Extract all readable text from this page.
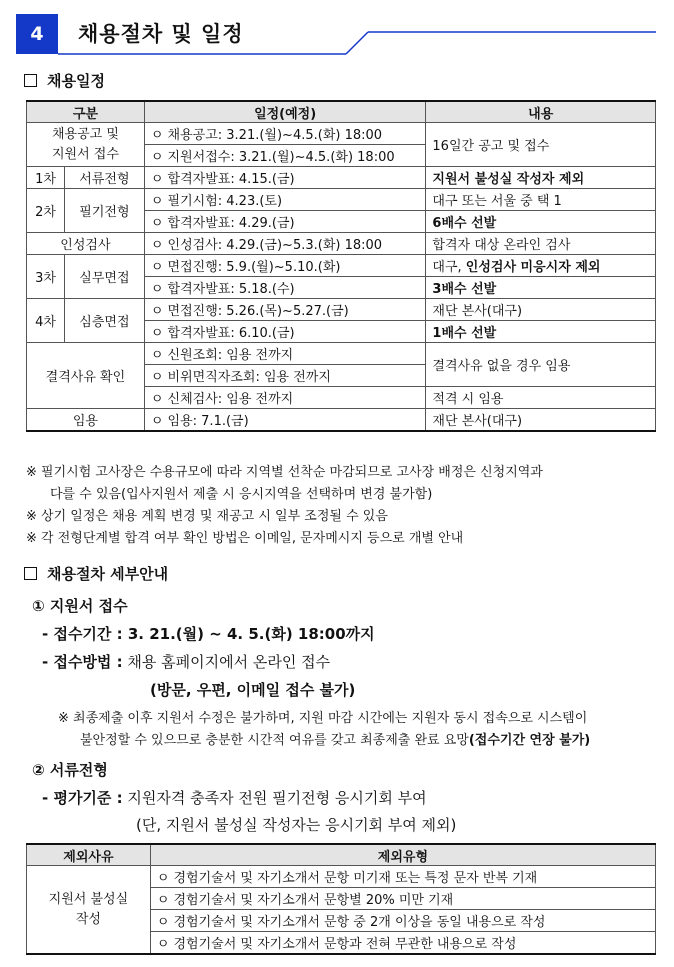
4	채용절차 및 일정
채용일정
구분		일정(예정)	내용
채용공고 및
지원서 접수		ㅇ 채용공고: 3.21.(월)~4.5.(화) 18:00	16일간 공고 및 접수
		ㅇ 지원서접수: 3.21.(월)~4.5.(화) 18:00	
1차	서류전형	ㅇ 합격자발표: 4.15.(금)	지원서 불성실 작성자 제외
2차	필기전형	ㅇ 필기시험: 4.23.(토)	대구 또는 서울 중 택 1
		ㅇ 합격자발표: 4.29.(금)	6배수 선발
인성검사		ㅇ 인성검사: 4.29.(금)~5.3.(화) 18:00	합격자 대상 온라인 검사
3차	실무면접	ㅇ 면접진행: 5.9.(월)~5.10.(화)	대구, 인성검사 미응시자 제외
		ㅇ 합격자발표: 5.18.(수)	3배수 선발
4차	심층면접	ㅇ 면접진행: 5.26.(목)~5.27.(금)	재단 본사(대구)
		ㅇ 합격자발표: 6.10.(금)	1배수 선발
결격사유 확인		ㅇ 신원조회: 임용 전까지	결격사유 없을 경우 임용
		ㅇ 비위면직자조회: 임용 전까지	
		ㅇ 신체검사: 임용 전까지	적격 시 임용
임용		ㅇ 임용: 7.1.(금)	재단 본사(대구)
※ 필기시험 고사장은 수용규모에 따라 지역별 선착순 마감되므로 고사장 배정은 신청지역과
다를 수 있음(입사지원서 제출 시 응시지역을 선택하며 변경 불가함)
※ 상기 일정은 채용 계획 변경 및 재공고 시 일부 조정될 수 있음
※ 각 전형단계별 합격 여부 확인 방법은 이메일, 문자메시지 등으로 개별 안내
채용절차 세부안내
① 지원서 접수
- 접수기간 : 3. 21.(월) ~ 4. 5.(화) 18:00까지
- 접수방법 : 채용 홈페이지에서 온라인 접수
(방문, 우편, 이메일 접수 불가)
※ 최종제출 이후 지원서 수정은 불가하며, 지원 마감 시간에는 지원자 동시 접속으로 시스템이
불안정할 수 있으므로 충분한 시간적 여유를 갖고 최종제출 완료 요망(접수기간 연장 불가)
② 서류전형
- 평가기준 : 지원자격 충족자 전원 필기전형 응시기회 부여
(단, 지원서 불성실 작성자는 응시기회 부여 제외)
제외사유	제외유형
지원서 불성실
작성	ㅇ 경험기술서 및 자기소개서 문항 미기재 또는 특정 문자 반복 기재
	ㅇ 경험기술서 및 자기소개서 문항별 20% 미만 기재
	ㅇ 경험기술서 및 자기소개서 문항 중 2개 이상을 동일 내용으로 작성
	ㅇ 경험기술서 및 자기소개서 문항과 전혀 무관한 내용으로 작성
